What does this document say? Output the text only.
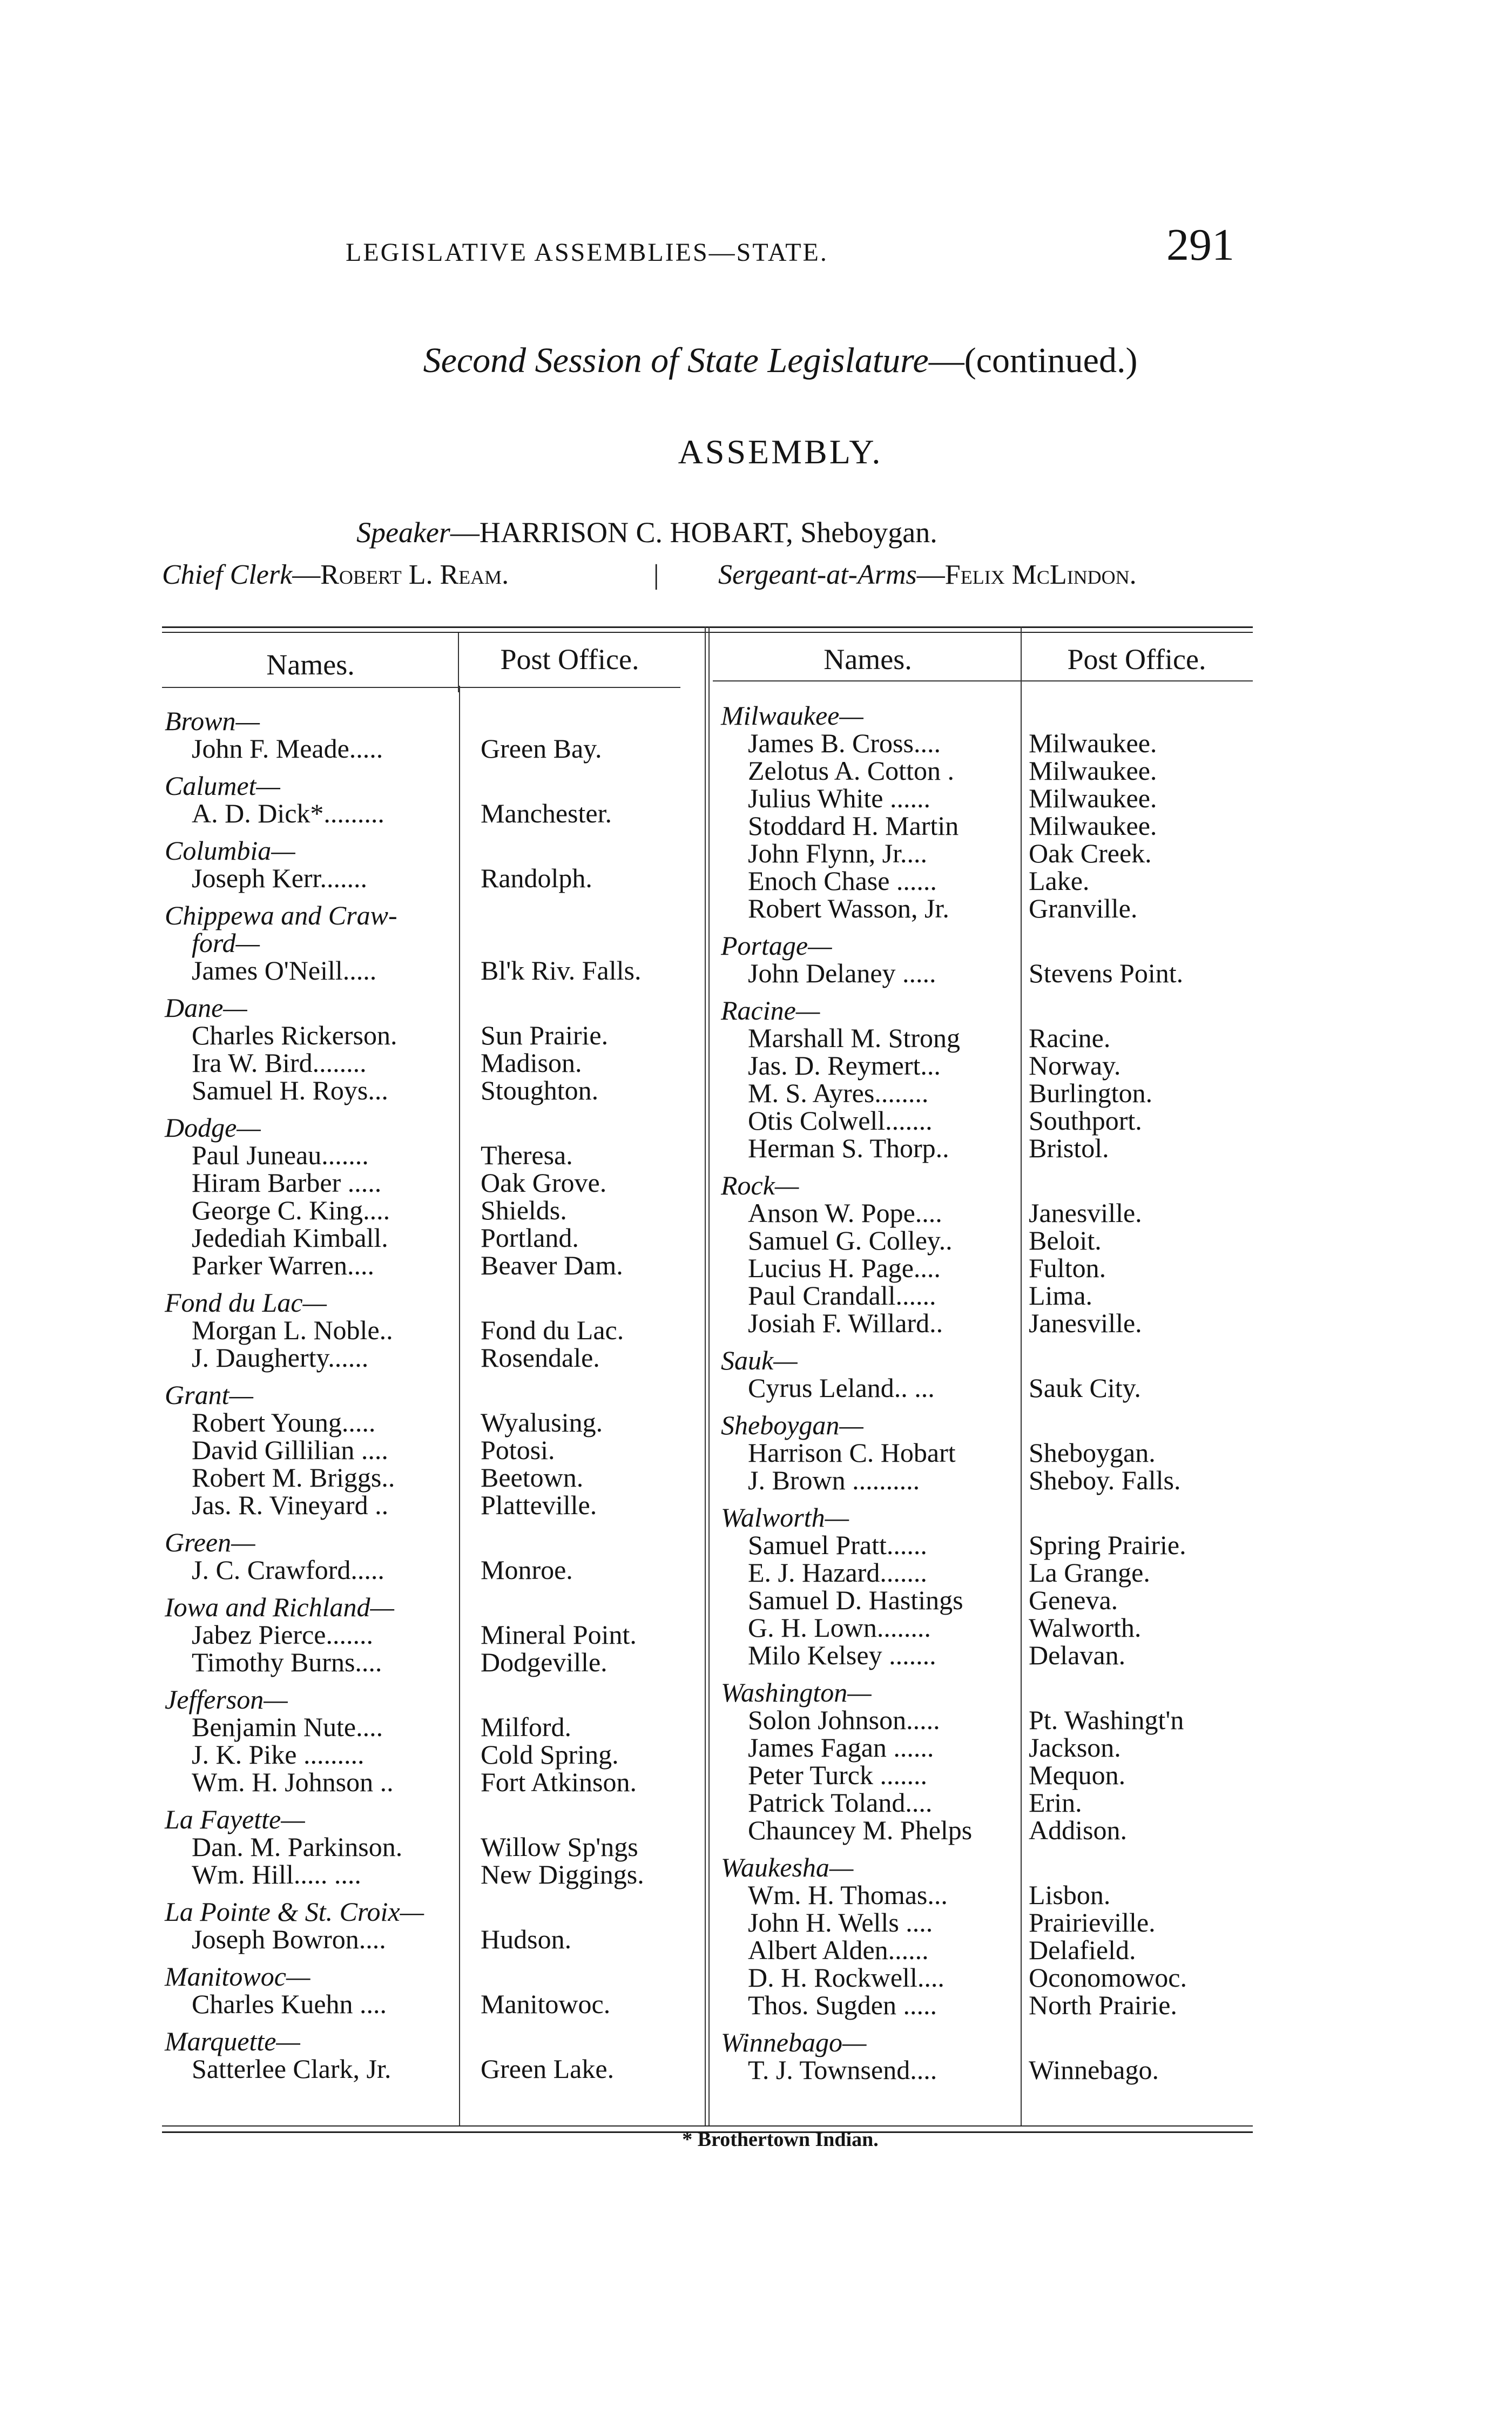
LEGISLATIVE ASSEMBLIES—STATE.	291
Second Session of State Legislature—(continued.)
ASSEMBLY.
Speaker—HARRISON C. HOBART, Sheboygan.
Chief Clerk—Robert L. Ream.	| Sergeant-at-Arms—Felix McLindon.
Names.	Post Office.	Names.	Post Office.
Brown—
John F. Meade.....	Green Bay.
Calumet—
A. D. Dick*.........	Manchester.
Columbia—
Joseph Kerr.......	Randolph.
Chippewa and Craw-
ford—
James O'Neill.....	Bl'k Riv. Falls.
Dane—
Charles Rickerson.	Sun Prairie.
Ira W. Bird........	Madison.
Samuel H. Roys...	Stoughton.
Dodge—
Paul Juneau.......	Theresa.
Hiram Barber .....	Oak Grove.
George C. King....	Shields.
Jedediah Kimball.	Portland.
Parker Warren....	Beaver Dam.
Fond du Lac—
Morgan L. Noble..	Fond du Lac.
J. Daugherty......	Rosendale.
Grant—
Robert Young.....	Wyalusing.
David Gillilian ....	Potosi.
Robert M. Briggs..	Beetown.
Jas. R. Vineyard ..	Platteville.
Green—
J. C. Crawford.....	Monroe.
Iowa and Richland—
Jabez Pierce.......	Mineral Point.
Timothy Burns....	Dodgeville.
Jefferson—
Benjamin Nute....	Milford.
J. K. Pike .........	Cold Spring.
Wm. H. Johnson ..	Fort Atkinson.
La Fayette—
Dan. M. Parkinson.	Willow Sp'ngs
Wm. Hill..... ....	New Diggings.
La Pointe & St. Croix—
Joseph Bowron....	Hudson.
Manitowoc—
Charles Kuehn ....	Manitowoc.
Marquette—
Satterlee Clark, Jr.	Green Lake.
Milwaukee—
James B. Cross....	Milwaukee.
Zelotus A. Cotton .	Milwaukee.
Julius White ......	Milwaukee.
Stoddard H. Martin	Milwaukee.
John Flynn, Jr....	Oak Creek.
Enoch Chase ......	Lake.
Robert Wasson, Jr.	Granville.
Portage—
John Delaney .....	Stevens Point.
Racine—
Marshall M. Strong	Racine.
Jas. D. Reymert...	Norway.
M. S. Ayres........	Burlington.
Otis Colwell.......	Southport.
Herman S. Thorp..	Bristol.
Rock—
Anson W. Pope....	Janesville.
Samuel G. Colley..	Beloit.
Lucius H. Page....	Fulton.
Paul Crandall......	Lima.
Josiah F. Willard..	Janesville.
Sauk—
Cyrus Leland.. ...	Sauk City.
Sheboygan—
Harrison C. Hobart	Sheboygan.
J. Brown ..........	Sheboy. Falls.
Walworth—
Samuel Pratt......	Spring Prairie.
E. J. Hazard.......	La Grange.
Samuel D. Hastings Geneva.
G. H. Lown........	Walworth.
Milo Kelsey .......	Delavan.
Washington—
Solon Johnson.....	Pt. Washingt'n
James Fagan ......	Jackson.
Peter Turck .......	Mequon.
Patrick Toland....	Erin.
Chauncey M. Phelps Addison.
Waukesha—
Wm. H. Thomas...	Lisbon.
John H. Wells ....	Prairieville.
Albert Alden......	Delafield.
D. H. Rockwell....	Oconomowoc.
Thos. Sugden .....	North Prairie.
Winnebago—
T. J. Townsend....	Winnebago.
* Brothertown Indian.
